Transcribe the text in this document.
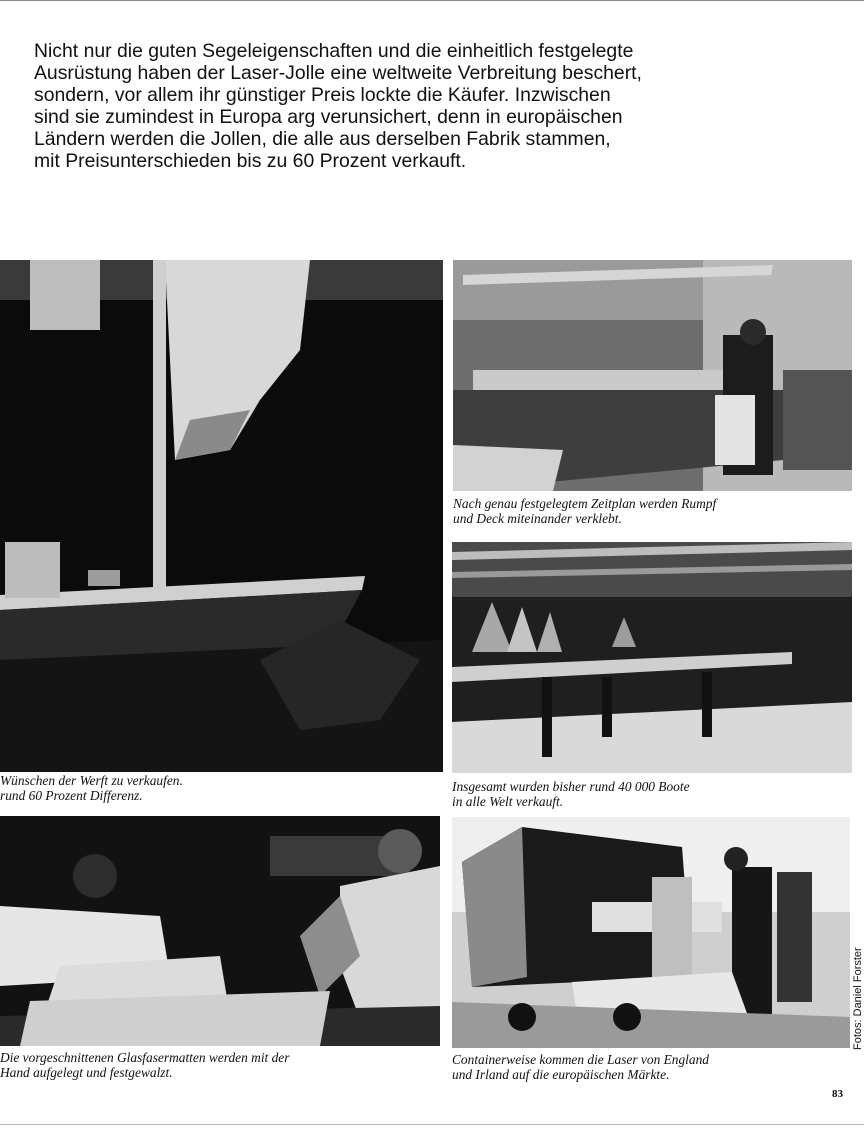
Nicht nur die guten Segeleigenschaften und die einheitlich festgelegte
Ausrüstung haben der Laser-Jolle eine weltweite Verbreitung beschert,
sondern, vor allem ihr günstiger Preis lockte die Käufer. Inzwischen
sind sie zumindest in Europa arg verunsichert, denn in europäischen
Ländern werden die Jollen, die alle aus derselben Fabrik stammen,
mit Preisunterschieden bis zu 60 Prozent verkauft.
Wünschen der Werft zu verkaufen.
rund 60 Prozent Differenz.
Nach genau festgelegtem Zeitplan werden Rumpf
und Deck miteinander verklebt.
Insgesamt wurden bisher rund 40 000 Boote
in alle Welt verkauft.
Die vorgeschnittenen Glasfasermatten werden mit der
Hand aufgelegt und festgewalzt.
Containerweise kommen die Laser von England
und Irland auf die europäischen Märkte.
Fotos: Daniel Forster
83
